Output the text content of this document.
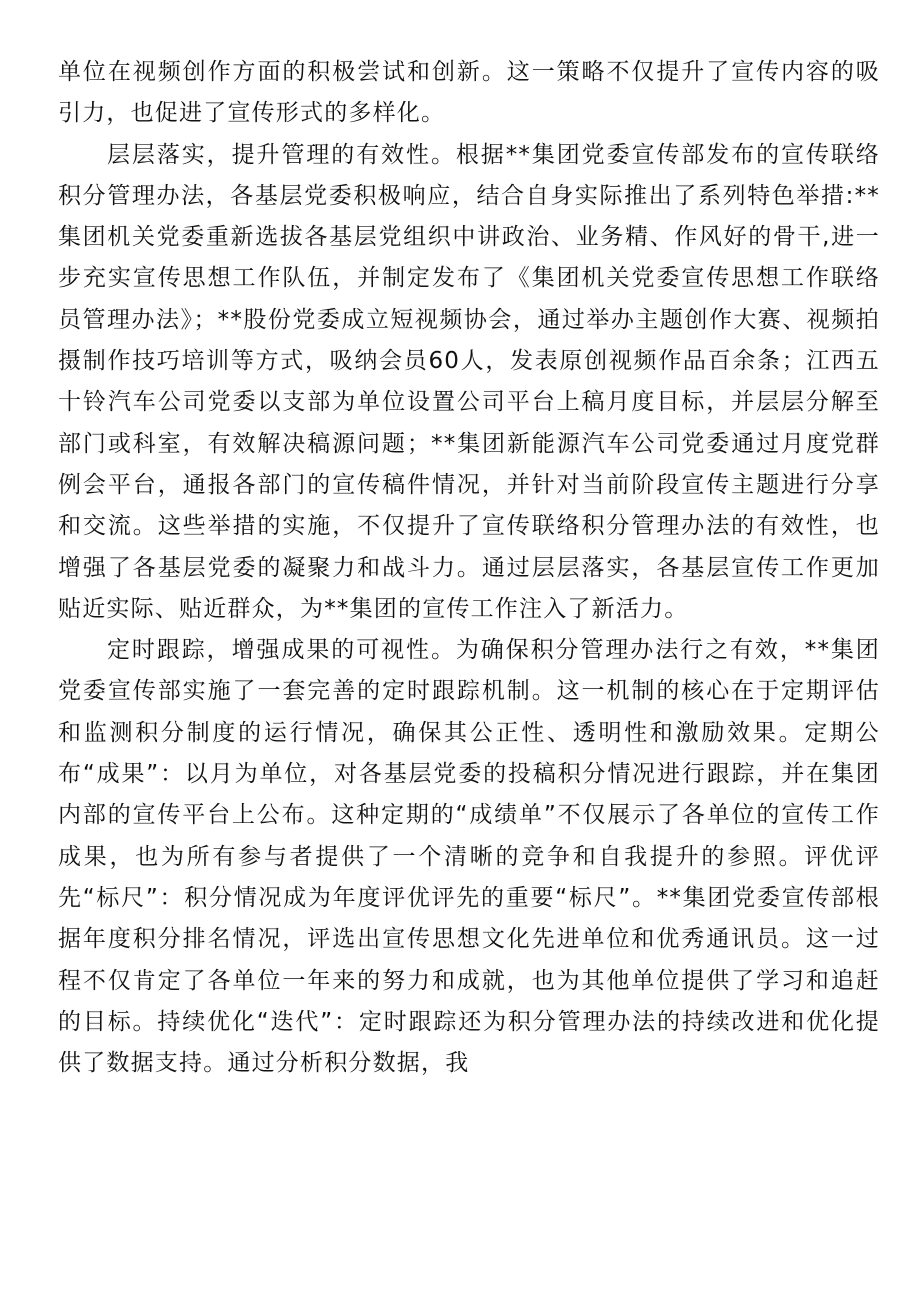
单位在视频创作方面的积极尝试和创新。这一策略不仅提升了宣传内容的吸引力，也促进了宣传形式的多样化。

层层落实，提升管理的有效性。根据**集团党委宣传部发布的宣传联络积分管理办法，各基层党委积极响应，结合自身实际推出了系列特色举措:**集团机关党委重新选拔各基层党组织中讲政治、业务精、作风好的骨干,进一步充实宣传思想工作队伍，并制定发布了《集团机关党委宣传思想工作联络员管理办法》；**股份党委成立短视频协会，通过举办主题创作大赛、视频拍摄制作技巧培训等方式，吸纳会员60人，发表原创视频作品百余条；江西五十铃汽车公司党委以支部为单位设置公司平台上稿月度目标，并层层分解至部门或科室，有效解决稿源问题；**集团新能源汽车公司党委通过月度党群例会平台，通报各部门的宣传稿件情况，并针对当前阶段宣传主题进行分享和交流。这些举措的实施，不仅提升了宣传联络积分管理办法的有效性，也增强了各基层党委的凝聚力和战斗力。通过层层落实，各基层宣传工作更加贴近实际、贴近群众，为**集团的宣传工作注入了新活力。

定时跟踪，增强成果的可视性。为确保积分管理办法行之有效，**集团党委宣传部实施了一套完善的定时跟踪机制。这一机制的核心在于定期评估和监测积分制度的运行情况，确保其公正性、透明性和激励效果。定期公布“成果”：以月为单位，对各基层党委的投稿积分情况进行跟踪，并在集团内部的宣传平台上公布。这种定期的“成绩单”不仅展示了各单位的宣传工作成果，也为所有参与者提供了一个清晰的竞争和自我提升的参照。评优评先“标尺”：积分情况成为年度评优评先的重要“标尺”。**集团党委宣传部根据年度积分排名情况，评选出宣传思想文化先进单位和优秀通讯员。这一过程不仅肯定了各单位一年来的努力和成就，也为其他单位提供了学习和追赶的目标。持续优化“迭代”：定时跟踪还为积分管理办法的持续改进和优化提供了数据支持。通过分析积分数据，我
